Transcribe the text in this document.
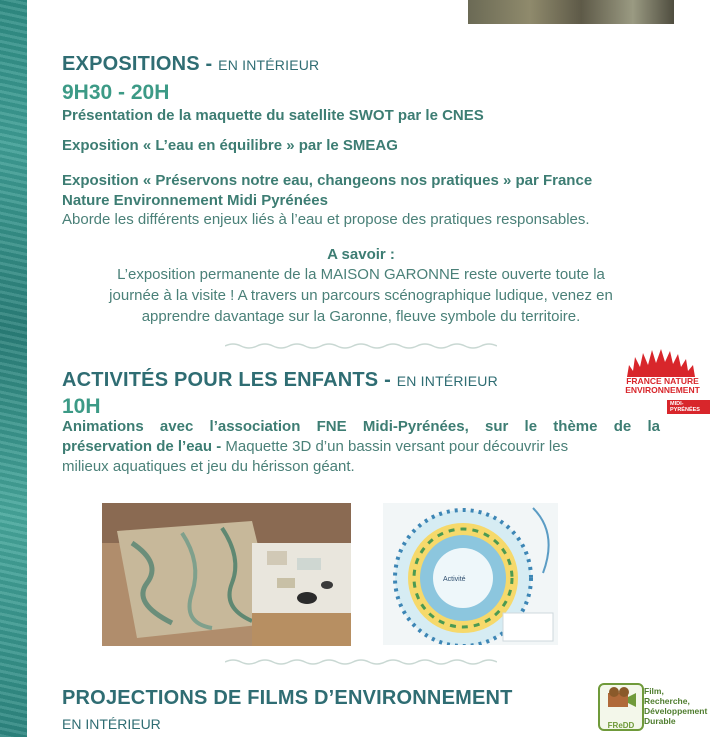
EXPOSITIONS - EN INTÉRIEUR
9H30 - 20H
Présentation de la maquette du satellite SWOT par le CNES
Exposition « L’eau en équilibre » par le SMEAG
Exposition « Préservons notre eau, changeons nos pratiques » par France
Nature Environnement Midi Pyrénées
Aborde les différents enjeux liés à l’eau et propose des pratiques responsables.
A savoir :
L’exposition permanente de la MAISON GARONNE reste ouverte toute la
journée à la visite ! A travers un parcours scénographique ludique, venez en
apprendre davantage sur la Garonne, fleuve symbole du territoire.
ACTIVITÉS POUR LES ENFANTS - EN INTÉRIEUR
10H
Animations avec l’association FNE Midi-Pyrénées, sur le thème de la
préservation de l’eau - Maquette 3D d’un bassin versant pour découvrir les
milieux aquatiques et jeu du hérisson géant.
FRANCE NATURE
ENVIRONNEMENT
MIDI-PYRÉNÉES
Activité
PROJECTIONS DE FILMS D’ENVIRONNEMENT
EN INTÉRIEUR	FReDD
Film,
Recherche,
Développement
Durable
